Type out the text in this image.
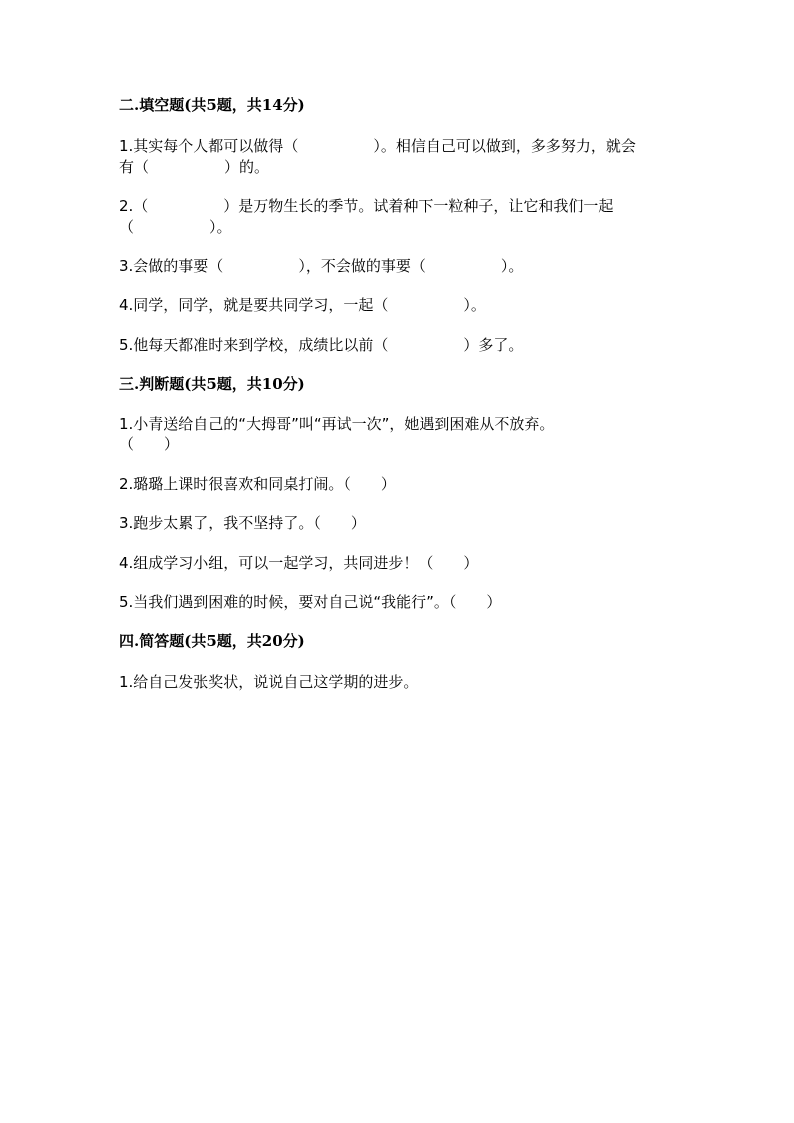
二.填空题(共5题，共14分)

1.其实每个人都可以做得（　　　　　）。相信自己可以做到，多多努力，就会

有（　　　　　）的。

2.（　　　　　）是万物生长的季节。试着种下一粒种子，让它和我们一起

（　　　　　）。

3.会做的事要（　　　　　），不会做的事要（　　　　　）。

4.同学，同学，就是要共同学习，一起（　　　　　）。

5.他每天都准时来到学校，成绩比以前（　　　　　）多了。

三.判断题(共5题，共10分)

1.小青送给自己的“大拇哥”叫“再试一次”，她遇到困难从不放弃。

（　　）

2.璐璐上课时很喜欢和同桌打闹。（　　）

3.跑步太累了，我不坚持了。（　　）

4.组成学习小组，可以一起学习，共同进步！（　　）

5.当我们遇到困难的时候，要对自己说“我能行”。（　　）

四.简答题(共5题，共20分)

1.给自己发张奖状，说说自己这学期的进步。
